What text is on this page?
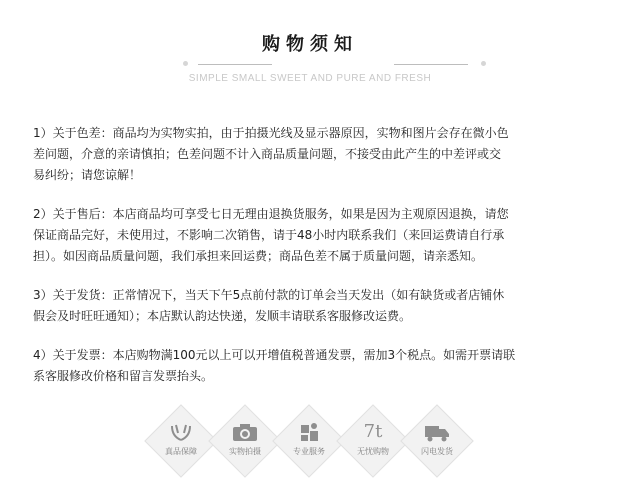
购物须知
SIMPLE SMALL SWEET AND PURE AND FRESH
1）关于色差：商品均为实物实拍，由于拍摄光线及显示器原因，实物和图片会存在微小色
差问题，介意的亲请慎拍；色差问题不计入商品质量问题，不接受由此产生的中差评或交
易纠纷；请您谅解！
2）关于售后：本店商品均可享受七日无理由退换货服务，如果是因为主观原因退换，请您
保证商品完好，未使用过，不影响二次销售，请于48小时内联系我们（来回运费请自行承
担）。如因商品质量问题，我们承担来回运费；商品色差不属于质量问题，请亲悉知。
3）关于发货：正常情况下，当天下午5点前付款的订单会当天发出（如有缺货或者店铺休
假会及时旺旺通知）；本店默认韵达快递，发顺丰请联系客服修改运费。
4）关于发票：本店购物满100元以上可以开增值税普通发票，需加3个税点。如需开票请联
系客服修改价格和留言发票抬头。
真品保障	实物拍摄	专业服务
7t
无忧购物	闪电发货
